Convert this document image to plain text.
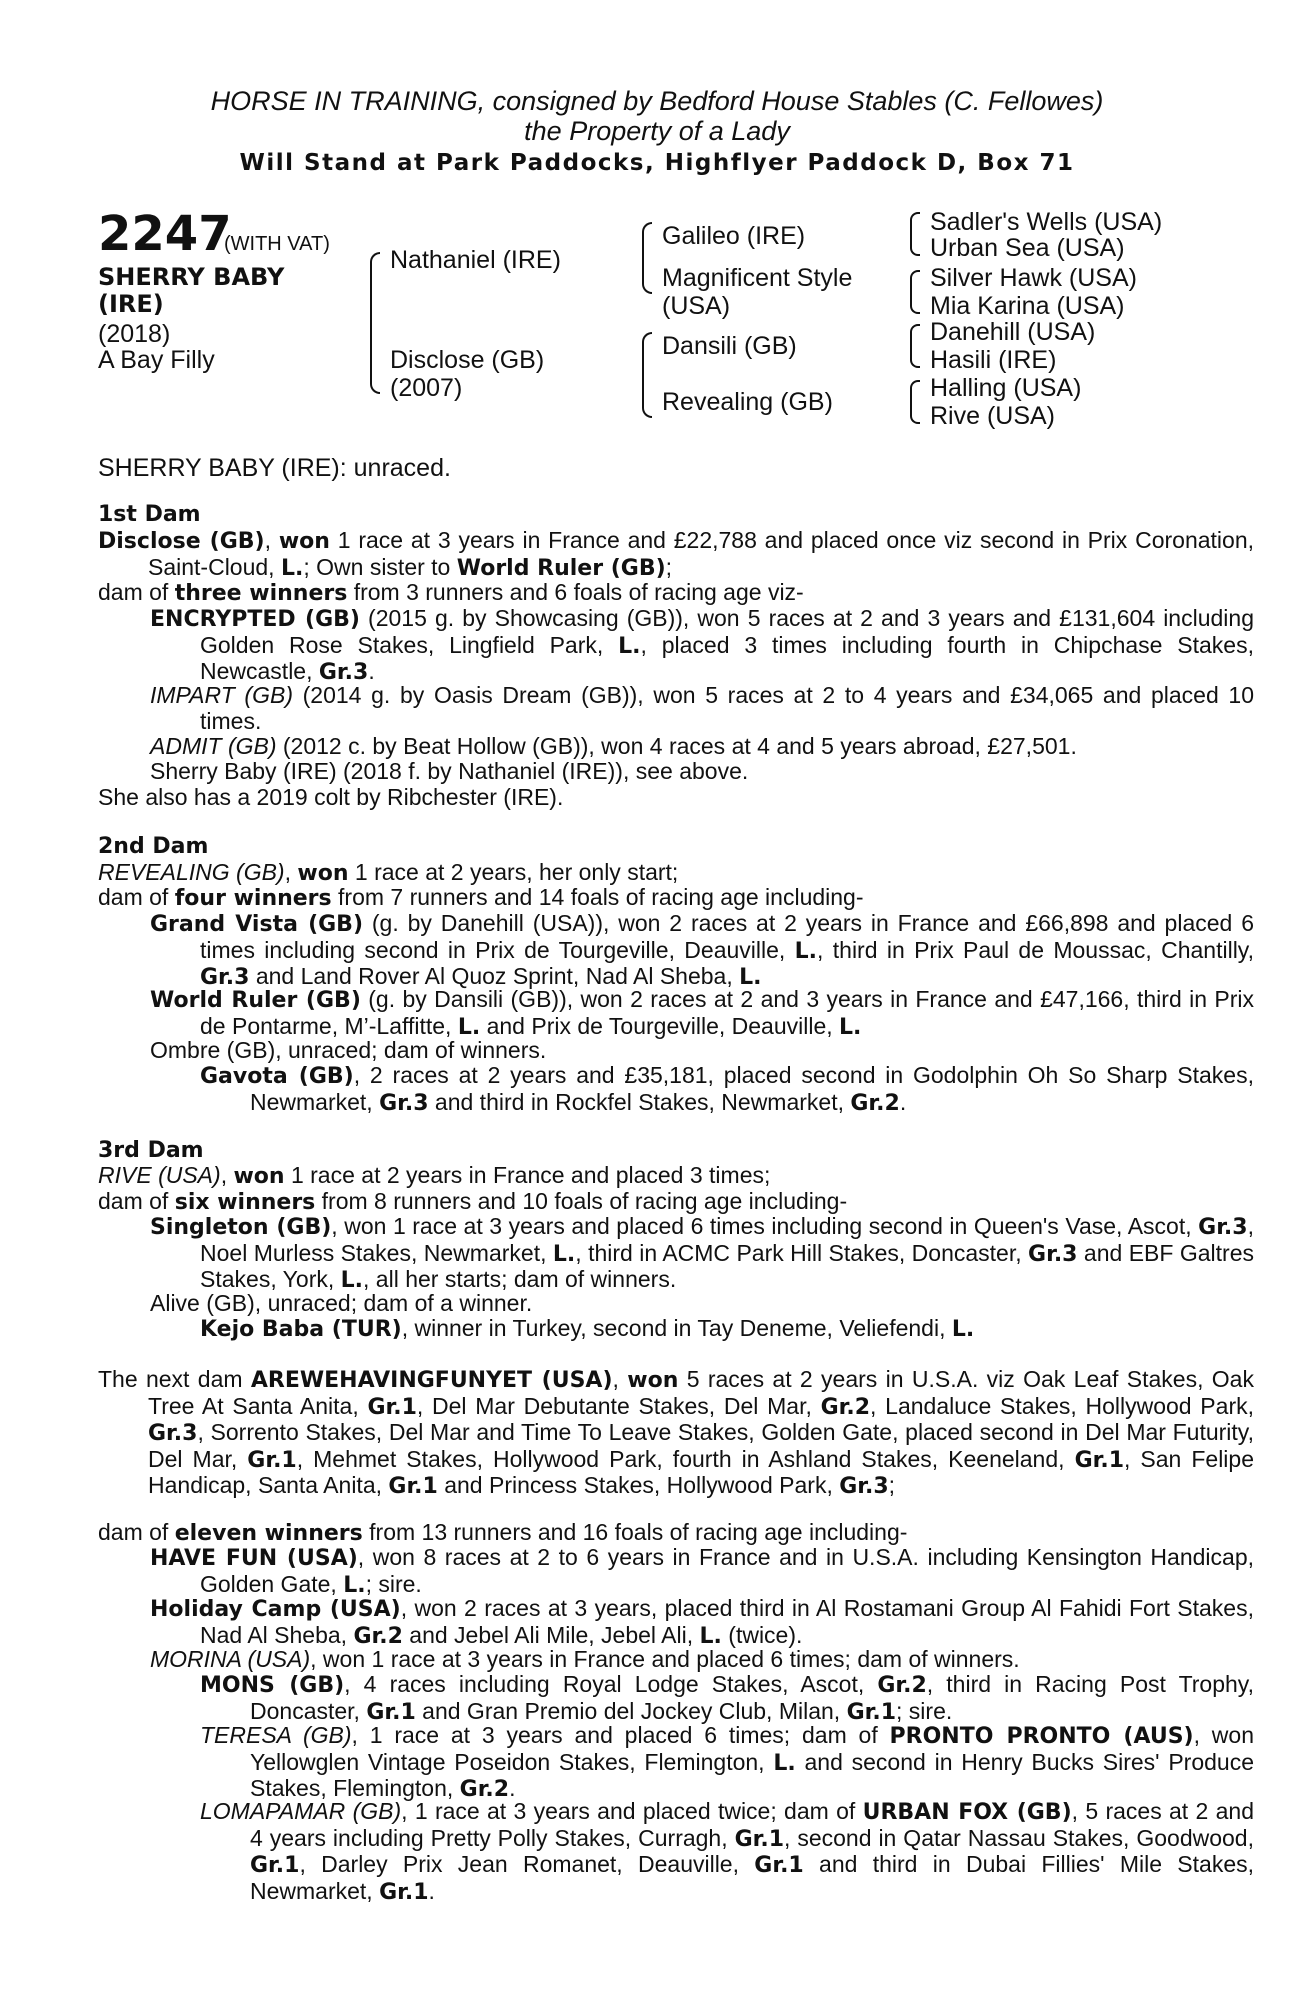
HORSE IN TRAINING, consigned by Bedford House Stables (C. Fellowes)
the Property of a Lady
Will Stand at Park Paddocks, Highflyer Paddock D, Box 71
2247
(WITH VAT)
SHERRY BABY (IRE)
(2018)
A Bay Filly
Nathaniel (IRE)
Disclose (GB)
(2007)
Galileo (IRE)
Magnificent Style
(USA)
Dansili (GB)
Revealing (GB)
Sadler's Wells (USA)
Urban Sea (USA)
Silver Hawk (USA)
Mia Karina (USA)
Danehill (USA)
Hasili (IRE)
Halling (USA)
Rive (USA)
SHERRY BABY (IRE): unraced.
1st Dam
Disclose (GB), won 1 race at 3 years in France and £22,788 and placed once viz second in Prix Coronation, Saint-Cloud, L.; Own sister to World Ruler (GB);
dam of three winners from 3 runners and 6 foals of racing age viz-
ENCRYPTED (GB) (2015 g. by Showcasing (GB)), won 5 races at 2 and 3 years and £131,604 including Golden Rose Stakes, Lingfield Park, L., placed 3 times including fourth in Chipchase Stakes, Newcastle, Gr.3.
IMPART (GB) (2014 g. by Oasis Dream (GB)), won 5 races at 2 to 4 years and £34,065 and placed 10 times.
ADMIT (GB) (2012 c. by Beat Hollow (GB)), won 4 races at 4 and 5 years abroad, £27,501.
Sherry Baby (IRE) (2018 f. by Nathaniel (IRE)), see above.
She also has a 2019 colt by Ribchester (IRE).
2nd Dam
REVEALING (GB), won 1 race at 2 years, her only start;
dam of four winners from 7 runners and 14 foals of racing age including-
Grand Vista (GB) (g. by Danehill (USA)), won 2 races at 2 years in France and £66,898 and placed 6 times including second in Prix de Tourgeville, Deauville, L., third in Prix Paul de Moussac, Chantilly, Gr.3 and Land Rover Al Quoz Sprint, Nad Al Sheba, L.
World Ruler (GB) (g. by Dansili (GB)), won 2 races at 2 and 3 years in France and £47,166, third in Prix de Pontarme, M’-Laffitte, L. and Prix de Tourgeville, Deauville, L.
Ombre (GB), unraced; dam of winners.
Gavota (GB), 2 races at 2 years and £35,181, placed second in Godolphin Oh So Sharp Stakes, Newmarket, Gr.3 and third in Rockfel Stakes, Newmarket, Gr.2.
3rd Dam
RIVE (USA), won 1 race at 2 years in France and placed 3 times;
dam of six winners from 8 runners and 10 foals of racing age including-
Singleton (GB), won 1 race at 3 years and placed 6 times including second in Queen's Vase, Ascot, Gr.3, Noel Murless Stakes, Newmarket, L., third in ACMC Park Hill Stakes, Doncaster, Gr.3 and EBF Galtres Stakes, York, L., all her starts; dam of winners.
Alive (GB), unraced; dam of a winner.
Kejo Baba (TUR), winner in Turkey, second in Tay Deneme, Veliefendi, L.
The next dam AREWEHAVINGFUNYET (USA), won 5 races at 2 years in U.S.A. viz Oak Leaf Stakes, Oak Tree At Santa Anita, Gr.1, Del Mar Debutante Stakes, Del Mar, Gr.2, Landaluce Stakes, Hollywood Park, Gr.3, Sorrento Stakes, Del Mar and Time To Leave Stakes, Golden Gate, placed second in Del Mar Futurity, Del Mar, Gr.1, Mehmet Stakes, Hollywood Park, fourth in Ashland Stakes, Keeneland, Gr.1, San Felipe Handicap, Santa Anita, Gr.1 and Princess Stakes, Hollywood Park, Gr.3;
dam of eleven winners from 13 runners and 16 foals of racing age including-
HAVE FUN (USA), won 8 races at 2 to 6 years in France and in U.S.A. including Kensington Handicap, Golden Gate, L.; sire.
Holiday Camp (USA), won 2 races at 3 years, placed third in Al Rostamani Group Al Fahidi Fort Stakes, Nad Al Sheba, Gr.2 and Jebel Ali Mile, Jebel Ali, L. (twice).
MORINA (USA), won 1 race at 3 years in France and placed 6 times; dam of winners.
MONS (GB), 4 races including Royal Lodge Stakes, Ascot, Gr.2, third in Racing Post Trophy, Doncaster, Gr.1 and Gran Premio del Jockey Club, Milan, Gr.1; sire.
TERESA (GB), 1 race at 3 years and placed 6 times; dam of PRONTO PRONTO (AUS), won Yellowglen Vintage Poseidon Stakes, Flemington, L. and second in Henry Bucks Sires' Produce Stakes, Flemington, Gr.2.
LOMAPAMAR (GB), 1 race at 3 years and placed twice; dam of URBAN FOX (GB), 5 races at 2 and 4 years including Pretty Polly Stakes, Curragh, Gr.1, second in Qatar Nassau Stakes, Goodwood, Gr.1, Darley Prix Jean Romanet, Deauville, Gr.1 and third in Dubai Fillies' Mile Stakes, Newmarket, Gr.1.
